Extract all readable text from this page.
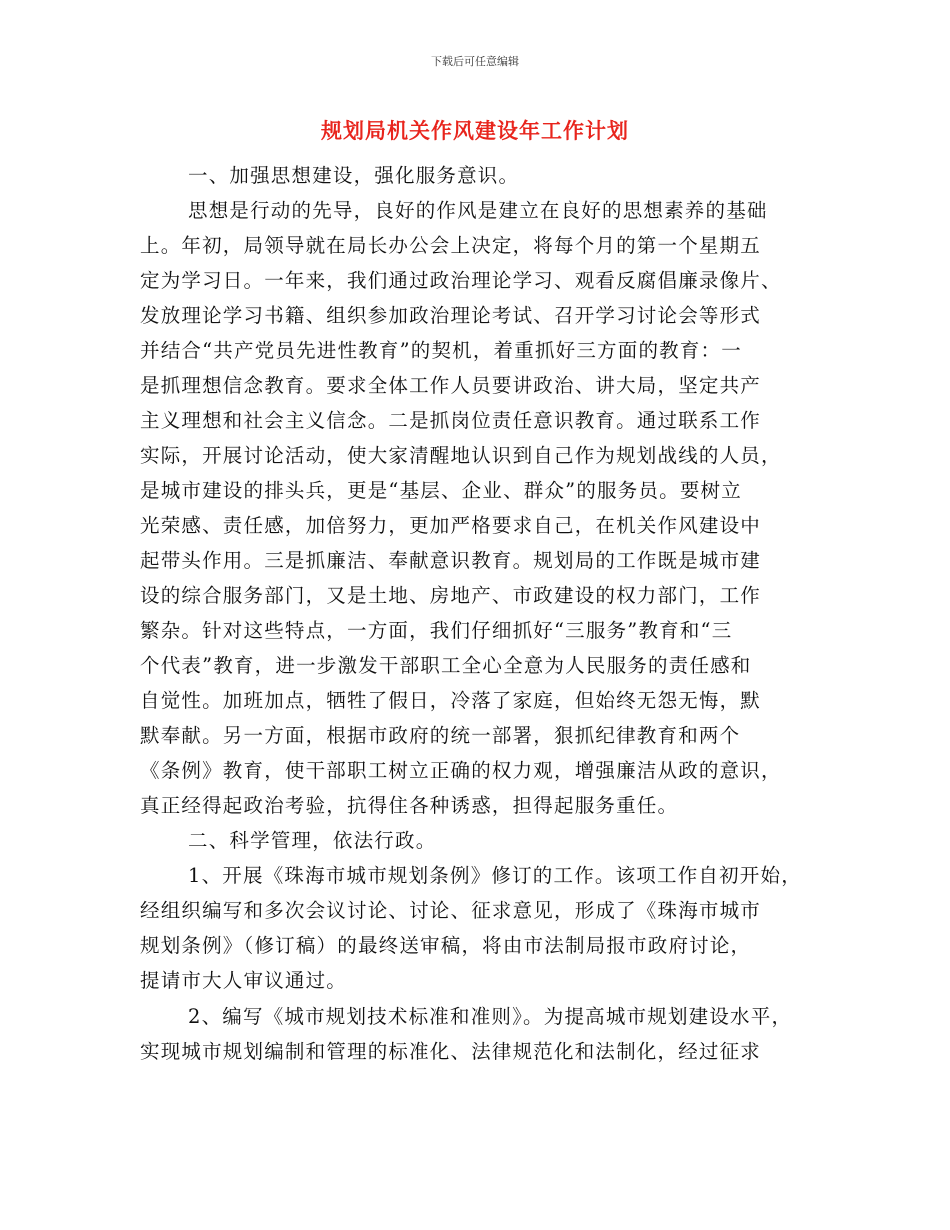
下载后可任意编辑
规划局机关作风建设年工作计划
一、加强思想建设，强化服务意识。
思想是行动的先导，良好的作风是建立在良好的思想素养的基础
上。年初，局领导就在局长办公会上决定，将每个月的第一个星期五
定为学习日。一年来，我们通过政治理论学习、观看反腐倡廉录像片、
发放理论学习书籍、组织参加政治理论考试、召开学习讨论会等形式
并结合“共产党员先进性教育”的契机，着重抓好三方面的教育：一
是抓理想信念教育。要求全体工作人员要讲政治、讲大局，坚定共产
主义理想和社会主义信念。二是抓岗位责任意识教育。通过联系工作
实际，开展讨论活动，使大家清醒地认识到自己作为规划战线的人员，
是城市建设的排头兵，更是“基层、企业、群众”的服务员。要树立
光荣感、责任感，加倍努力，更加严格要求自己，在机关作风建设中
起带头作用。三是抓廉洁、奉献意识教育。规划局的工作既是城市建
设的综合服务部门，又是土地、房地产、市政建设的权力部门，工作
繁杂。针对这些特点，一方面，我们仔细抓好“三服务”教育和“三
个代表”教育，进一步激发干部职工全心全意为人民服务的责任感和
自觉性。加班加点，牺牲了假日，冷落了家庭，但始终无怨无悔，默
默奉献。另一方面，根据市政府的统一部署，狠抓纪律教育和两个
《条例》教育，使干部职工树立正确的权力观，增强廉洁从政的意识，
真正经得起政治考验，抗得住各种诱惑，担得起服务重任。
二、科学管理，依法行政。
1、开展《珠海市城市规划条例》修订的工作。该项工作自初开始，
经组织编写和多次会议讨论、讨论、征求意见，形成了《珠海市城市
规划条例》（修订稿）的最终送审稿，将由市法制局报市政府讨论，
提请市大人审议通过。
2、编写《城市规划技术标准和准则》。为提高城市规划建设水平，
实现城市规划编制和管理的标准化、法律规范化和法制化，经过征求
